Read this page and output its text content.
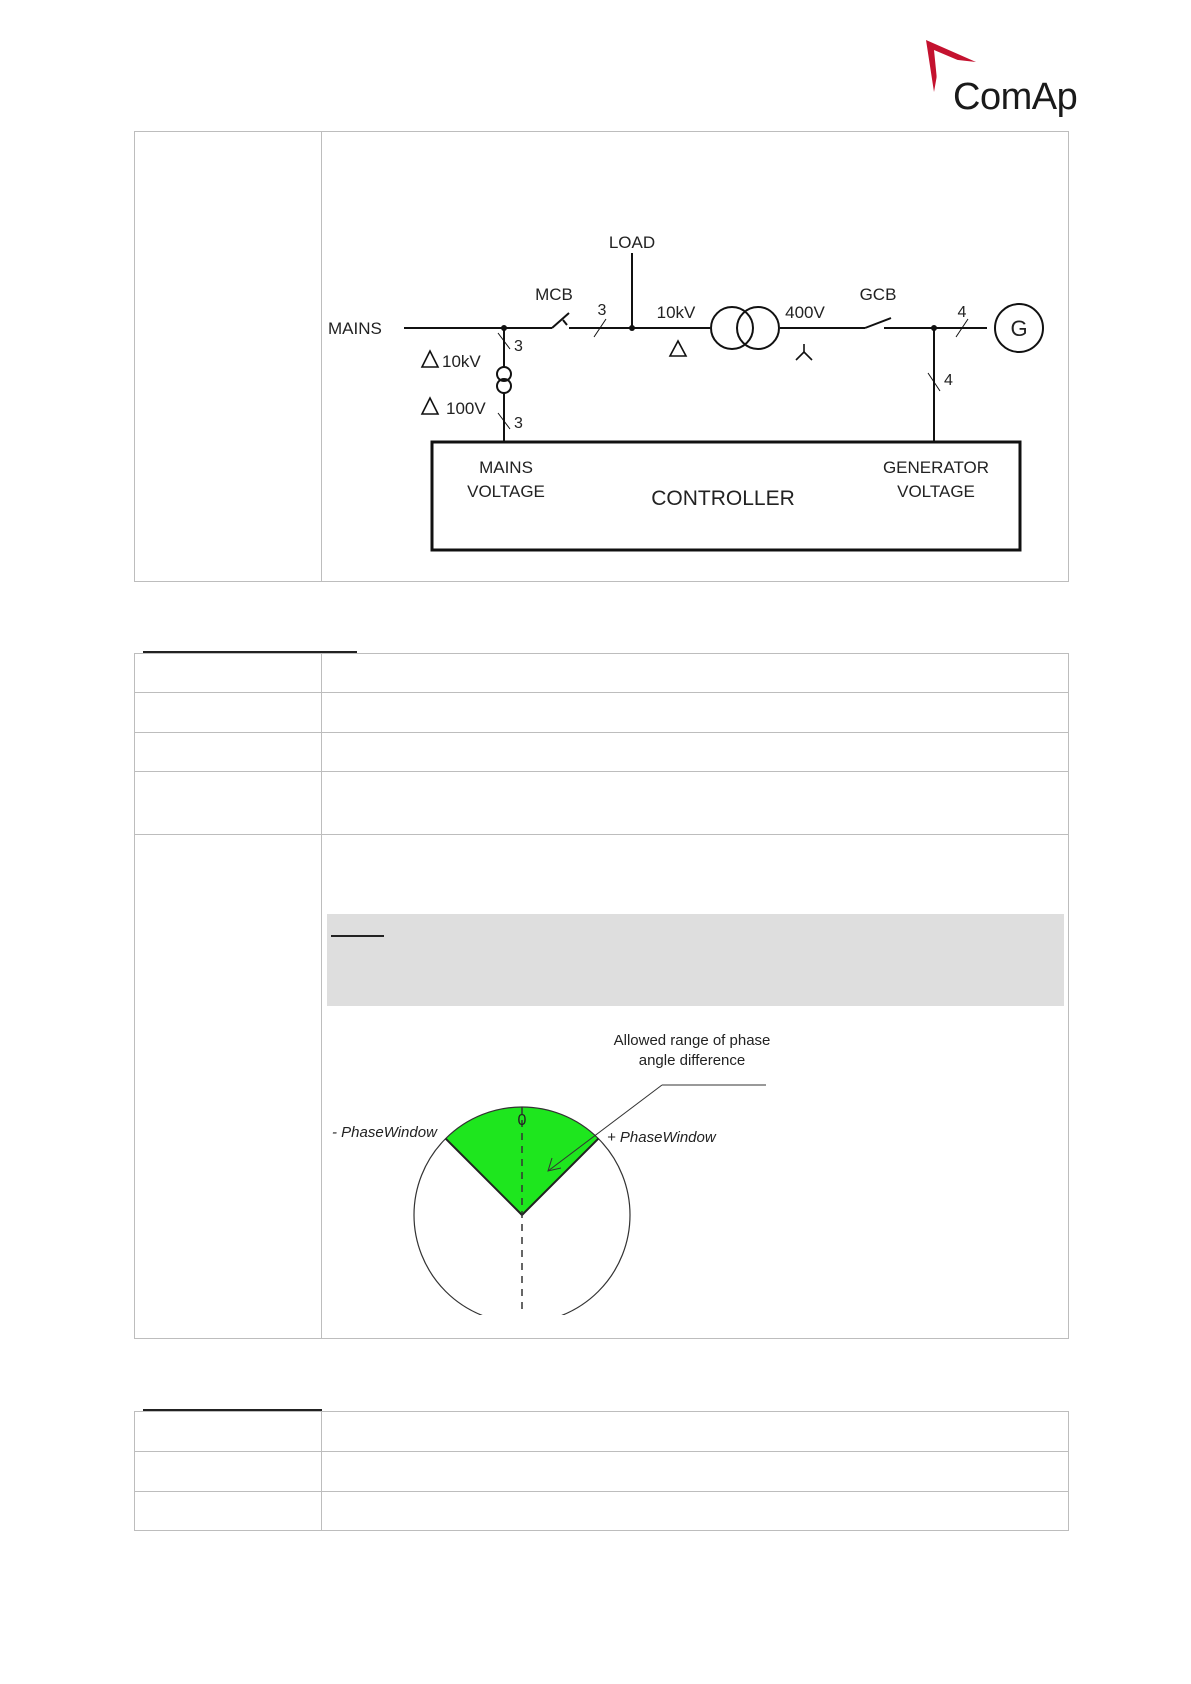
ComAp
LOAD
MAINS
MCB	GCB
3
3
3
4
4
10kV	400V
10kV
100V
G
MAINS
VOLTAGE	CONTROLLER
GENERATOR
VOLTAGE
Allowed range of phase
angle difference
0
- PhaseWindow	+ PhaseWindow
